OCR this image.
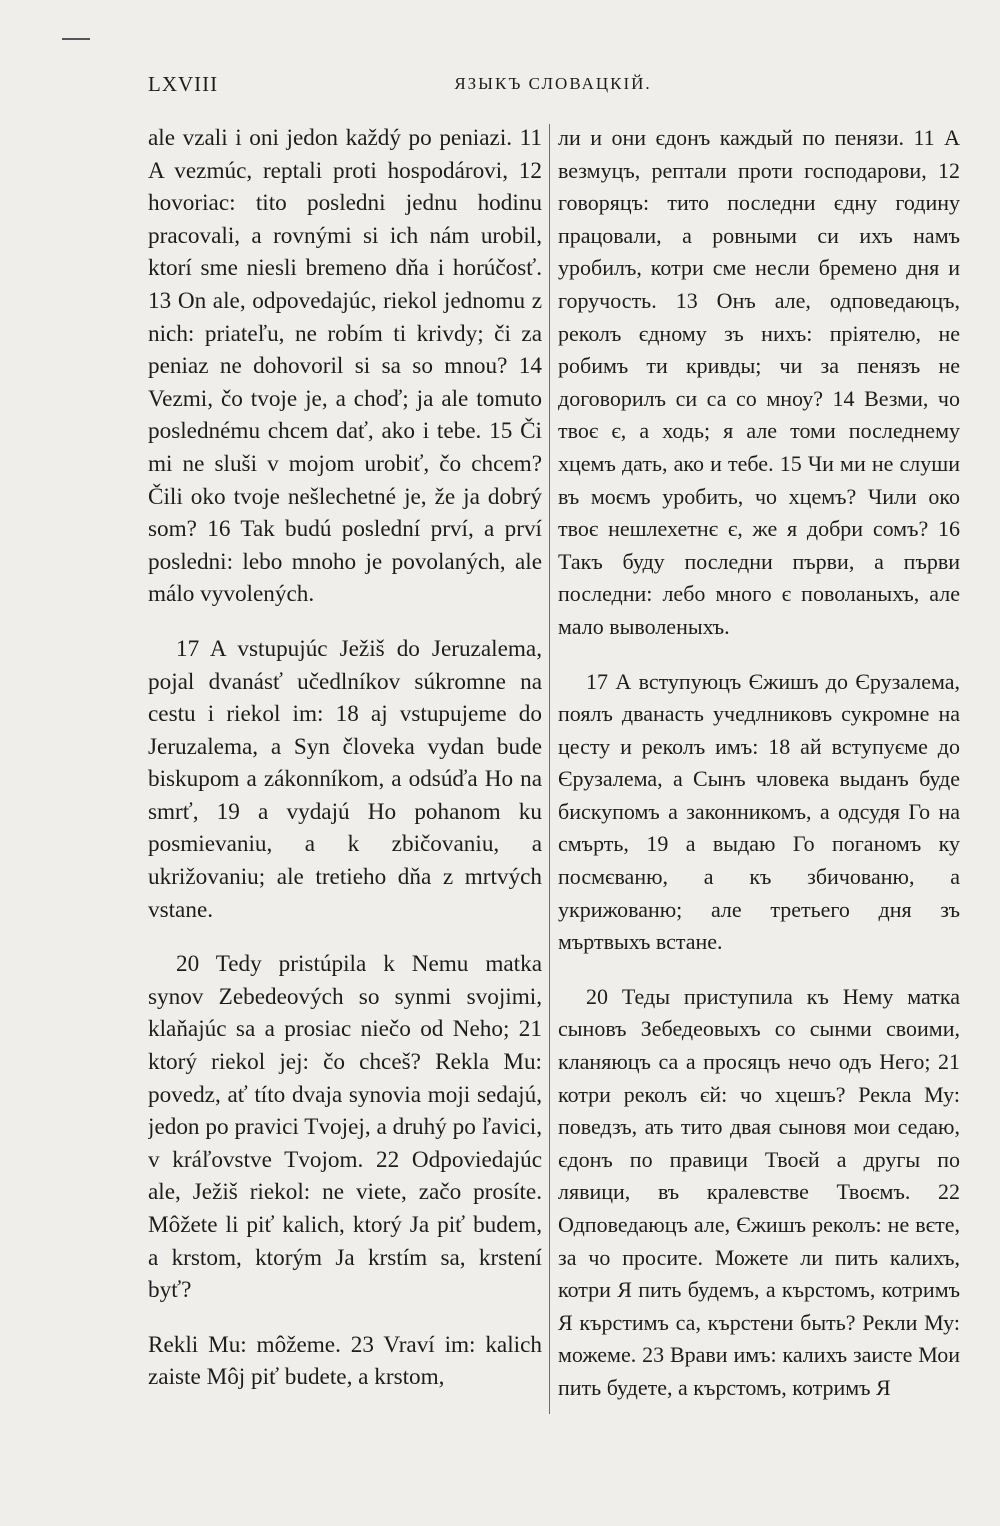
LXVIII	ЯЗЫКЪ СЛОВАЦКІЙ.

ale vzali i oni jedon každý po peniazi. 11 A vezmúc, reptali proti hospodárovi, 12 hovoriac: tito posledni jednu hodinu pracovali, a rovnými si ich nám urobil, ktorí sme niesli bremeno dňa i horúčosť. 13 On ale, odpovedajúc, riekol jednomu z nich: priateľu, ne robím ti krivdy; či za peniaz ne dohovoril si sa so mnou? 14 Vezmi, čo tvoje je, a choď; ja ale tomuto poslednému chcem dať, ako i tebe. 15 Či mi ne sluši v mojom urobiť, čo chcem? Čili oko tvoje nešlechetné je, že ja dobrý som? 16 Tak budú poslední prví, a prví posledni: lebo mnoho je povolaných, ale málo vyvolených.

17 A vstupujúc Ježiš do Jeruzalema, pojal dvanásť učedlníkov súkromne na cestu i riekol im: 18 aj vstupujeme do Jeruzalema, a Syn človeka vydan bude biskupom a zákonníkom, a odsúďa Ho na smrť, 19 a vydajú Ho pohanom ku posmievaniu, a k zbičovaniu, a ukrižovaniu; ale tretieho dňa z mrtvých vstane.

20 Tedy pristúpila k Nemu matka synov Zebedeových so synmi svojimi, klaňajúc sa a prosiac niečo od Neho; 21 ktorý riekol jej: čo chceš? Rekla Mu: povedz, ať títo dvaja synovia moji sedajú, jedon po pravici Tvojej, a druhý po ľavici, v kráľovstve Tvojom. 22 Odpoviedajúc ale, Ježiš riekol: ne viete, začo prosíte. Môžete li piť kalich, ktorý Ja piť budem, a krstom, ktorým Ja krstím sa, krstení byť?

Rekli Mu: môžeme. 23 Vraví im: kalich zaiste Môj piť budete, a krstom,

ли и они єдонъ каждый по пенязи. 11 А везмуцъ, рептали проти господарови, 12 говоряцъ: тито последни єдну годину працовали, а ровными си ихъ намъ уробилъ, котри сме несли бремено дня и горучость. 13 Онъ але, одповедаюцъ, реколъ єдному зъ нихъ: пріятелю, не робимъ ти кривды; чи за пенязъ не договорилъ си са со мноу? 14 Везми, чо твоє є, а ходь; я але томи последнему хцемъ дать, ако и тебе. 15 Чи ми не слуши въ моємъ уробить, чо хцемъ? Чили око твоє нешлехетнє є, же я добри сомъ? 16 Такъ буду последни първи, а първи последни: лебо много є поволаныхъ, але мало выволеныхъ.

17 А вступуюцъ Єжишъ до Єрузалема, поялъ дванасть учедлниковъ сукромне на цесту и реколъ имъ: 18 ай вступуєме до Єрузалема, а Сынъ чловека выданъ буде бискупомъ а законникомъ, а одсудя Го на смърть, 19 а выдаю Го поганомъ ку посмєваню, а къ збичованю, а укрижованю; але третьего дня зъ мъртвыхъ встане.

20 Теды приступила къ Нему матка сыновъ Зебедеовыхъ со сынми своими, кланяюцъ са а просяцъ нечо одъ Него; 21 котри реколъ єй: чо хцешъ? Рекла Му: поведзъ, ать тито двая сыновя мои седаю, єдонъ по правици Твоєй а другы по лявици, въ кралевстве Твоємъ. 22 Одповедаюцъ але, Єжишъ реколъ: не вєте, за чо просите. Можете ли пить калихъ, котри Я пить будемъ, а кърстомъ, котримъ Я кърстимъ са, кърстени быть? Рекли Му: можеме. 23 Врави имъ: калихъ заисте Мои пить будете, а кърстомъ, котримъ Я
